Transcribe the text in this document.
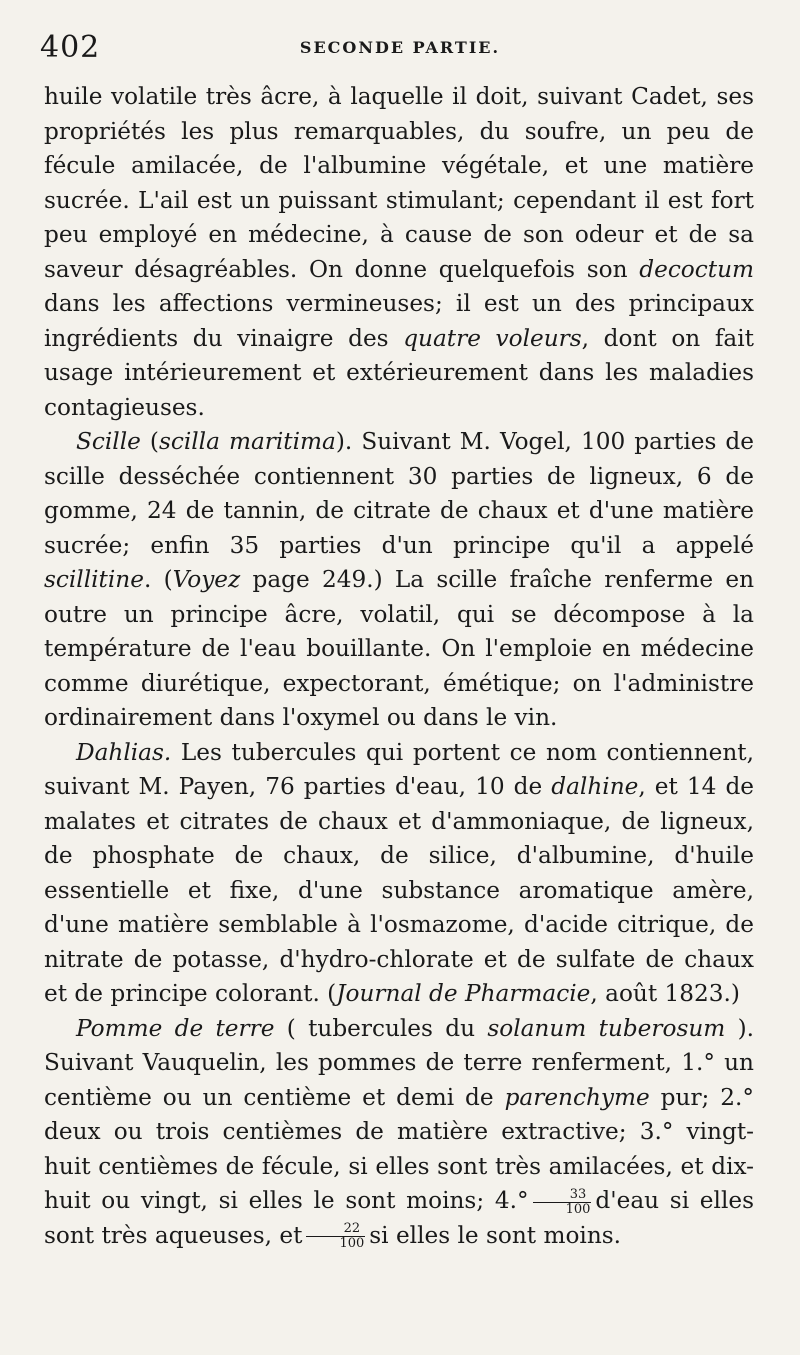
402	SECONDE PARTIE.

huile volatile très âcre, à laquelle il doit, suivant Cadet, ses propriétés les plus remarquables, du soufre, un peu de fécule amilacée, de l'albumine végétale, et une matière sucrée. L'ail est un puissant stimulant; cependant il est fort peu employé en médecine, à cause de son odeur et de sa saveur désagréables. On donne quelquefois son decoctum dans les affections vermineuses; il est un des principaux ingrédients du vinaigre des quatre voleurs, dont on fait usage intérieurement et extérieurement dans les maladies contagieuses.

Scille (scilla maritima). Suivant M. Vogel, 100 parties de scille desséchée contiennent 30 parties de ligneux, 6 de gomme, 24 de tannin, de citrate de chaux et d'une matière sucrée; enfin 35 parties d'un principe qu'il a appelé scillitine. (Voyez page 249.) La scille fraîche renferme en outre un principe âcre, volatil, qui se décompose à la température de l'eau bouillante. On l'emploie en médecine comme diurétique, expectorant, émétique; on l'administre ordinairement dans l'oxymel ou dans le vin.

Dahlias. Les tubercules qui portent ce nom contiennent, suivant M. Payen, 76 parties d'eau, 10 de dalhine, et 14 de malates et citrates de chaux et d'ammoniaque, de ligneux, de phosphate de chaux, de silice, d'albumine, d'huile essentielle et fixe, d'une substance aromatique amère, d'une matière semblable à l'osmazome, d'acide citrique, de nitrate de potasse, d'hydro-chlorate et de sulfate de chaux et de principe colorant. (Journal de Pharmacie, août 1823.)

Pomme de terre ( tubercules du solanum tuberosum ). Suivant Vauquelin, les pommes de terre renferment, 1.° un centième ou un centième et demi de parenchyme pur; 2.° deux ou trois centièmes de matière extractive; 3.° vingt-huit centièmes de fécule, si elles sont très amilacées, et dix-huit ou vingt, si elles le sont moins; $4.^\circ \frac{33}{100} d'eau$ si elles sont très aqueuses, et $\frac{22}{100}$ si elles le sont moins.
